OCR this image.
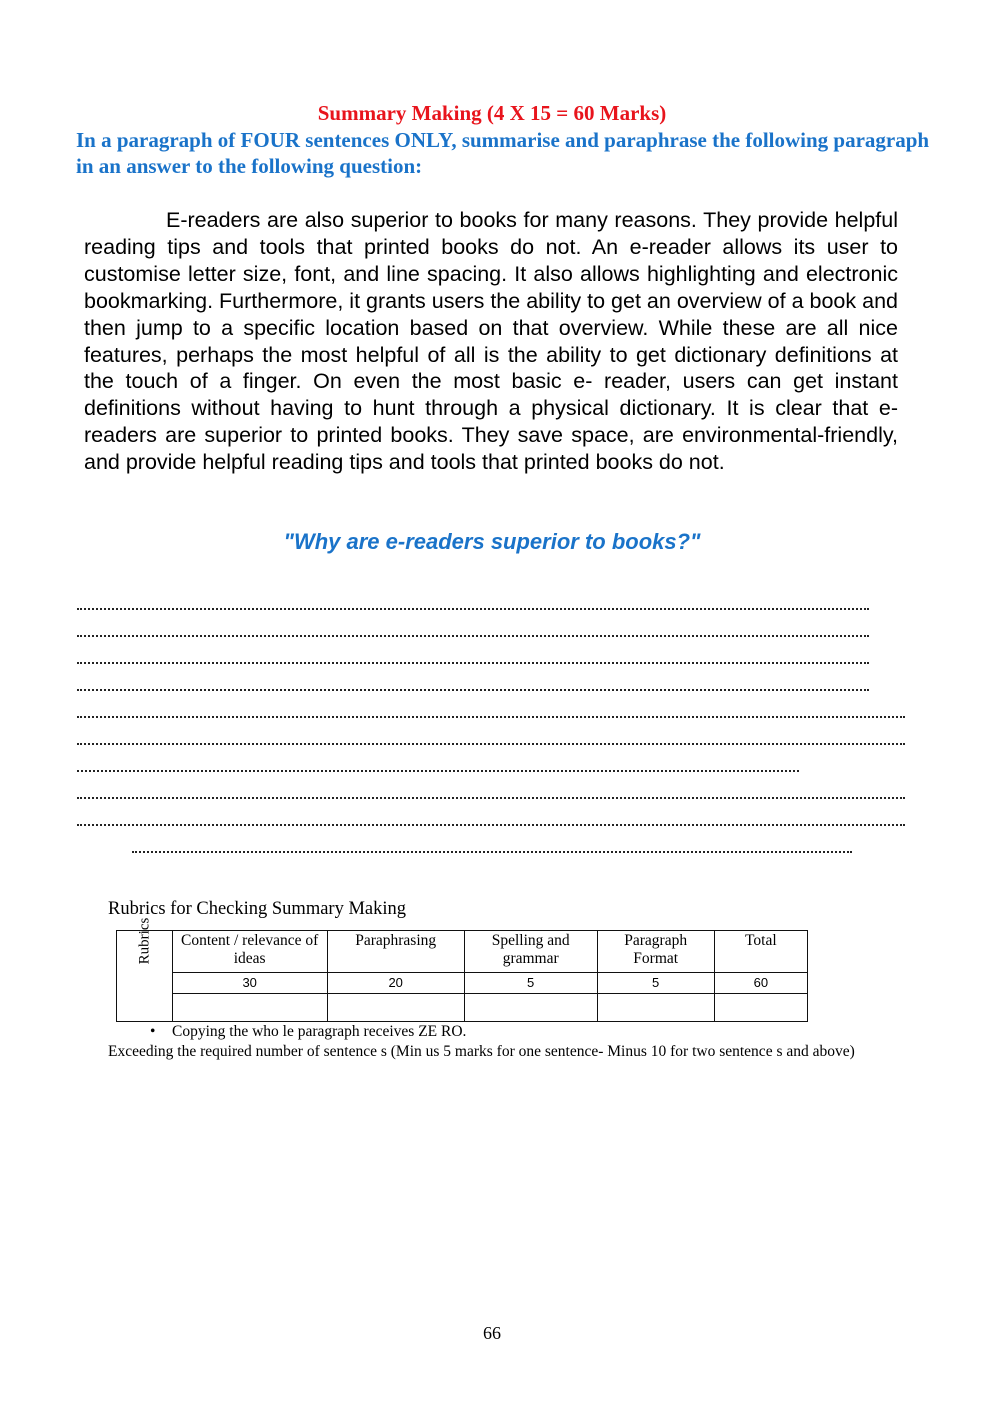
Summary Making (4 X 15 = 60 Marks)
In a paragraph of FOUR sentences ONLY, summarise and paraphrase the following paragraph in an answer to the following question:
E-readers are also superior to books for many reasons. They provide helpful reading tips and tools that printed books do not. An e-reader allows its user to customise letter size, font, and line spacing. It also allows highlighting and electronic bookmarking. Furthermore, it grants users the ability to get an overview of a book and then jump to a specific location based on that overview. While these are all nice features, perhaps the most helpful of all is the ability to get dictionary definitions at the touch of a finger. On even the most basic e- reader, users can get instant definitions without having to hunt through a physical dictionary. It is clear that e-readers are superior to printed books. They save space, are environmental-friendly, and provide helpful reading tips and tools that printed books do not.
"Why are e-readers superior to books?"
Rubrics for Checking Summary Making
Rubrics	Content / relevance of ideas	Paraphrasing	Spelling and grammar	Paragraph Format	Total
	30	20	5	5	60

• Copying the who le paragraph receives ZE RO.
Exceeding the required number of sentence s (Min us 5 marks for one sentence- Minus 10 for two sentence s and above)
66
